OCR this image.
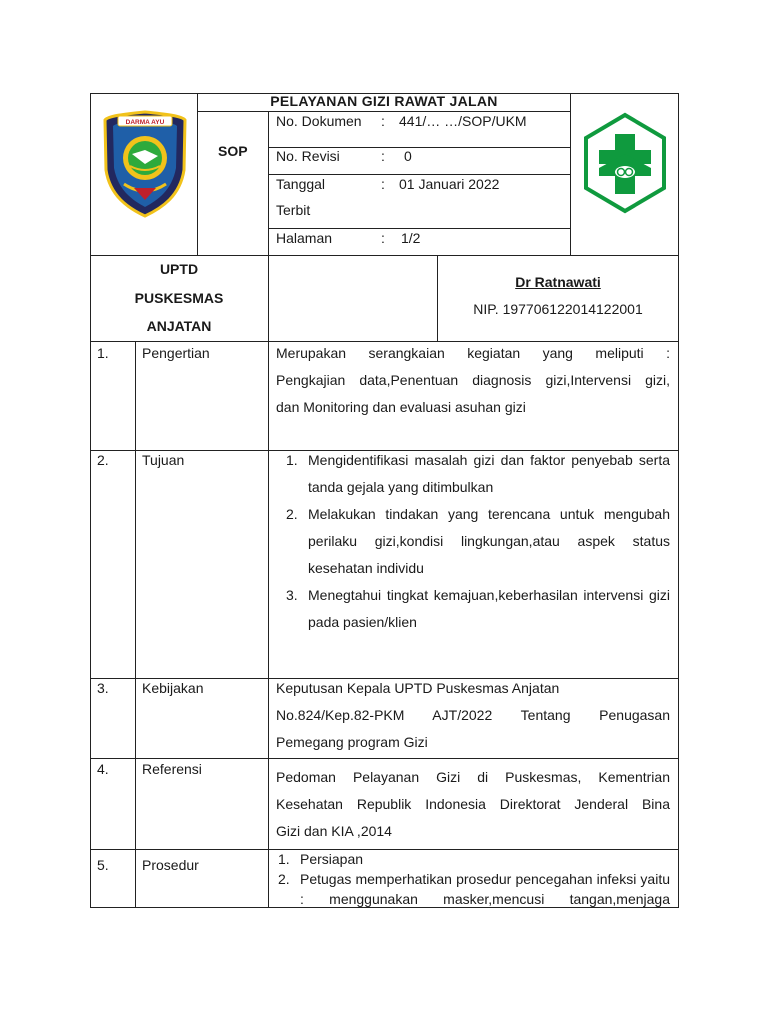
DARMA AYU
PELAYANAN GIZI RAWAT JALAN
SOP
No. Dokumen : 441/… …/SOP/UKM
No. Revisi	: 0
Tanggal
Terbit
: 01 Januari 2022
Halaman	: 1/2
UPTD
PUSKESMAS
ANJATAN
Dr Ratnawati
NIP. 197706122014122001
1. Pengertian	Merupakan serangkaian kegiatan yang meliputi :
Pengkajian data,Penentuan diagnosis gizi,Intervensi gizi,
dan Monitoring dan evaluasi asuhan gizi
2. Tujuan	1. Mengidentifikasi masalah gizi dan faktor penyebab serta tanda gejala yang ditimbulkan
2. Melakukan tindakan yang terencana untuk mengubah perilaku gizi,kondisi lingkungan,atau aspek status kesehatan individu
3. Menegtahui tingkat kemajuan,keberhasilan intervensi gizi pada pasien/klien
3. Kebijakan	Keputusan Kepala UPTD Puskesmas Anjatan
No.824/Kep.82-PKM AJT/2022 Tentang Penugasan
Pemegang program Gizi
4. Referensi	Pedoman Pelayanan Gizi di Puskesmas, Kementrian
Kesehatan Republik Indonesia Direktorat Jenderal Bina
Gizi dan KIA ,2014
5. Prosedur	1. Persiapan
2. Petugas memperhatikan prosedur pencegahan infeksi yaitu : menggunakan masker,mencusi tangan,menjaga
